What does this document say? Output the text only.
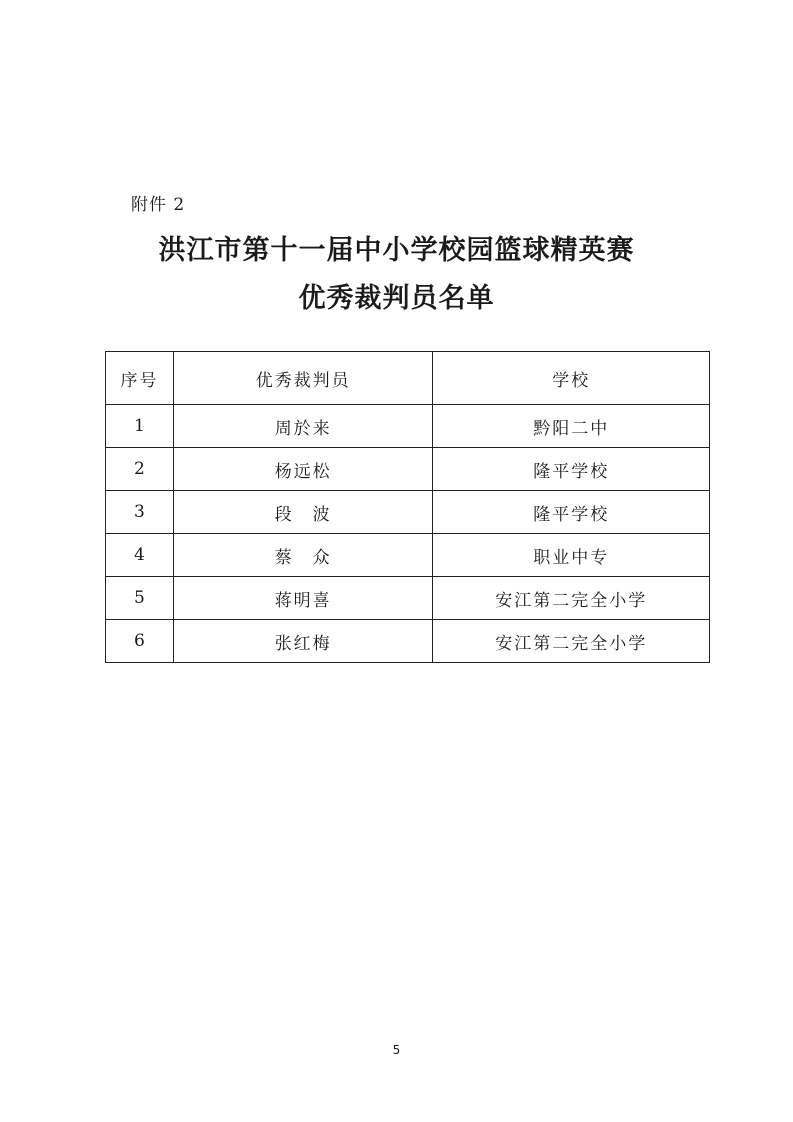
附件 2
洪江市第十一届中小学校园篮球精英赛
优秀裁判员名单
序号	优秀裁判员	学校
1	周於来	黔阳二中
2	杨远松	隆平学校
3	段　波	隆平学校
4	蔡　众	职业中专
5	蒋明喜	安江第二完全小学
6	张红梅	安江第二完全小学
5
